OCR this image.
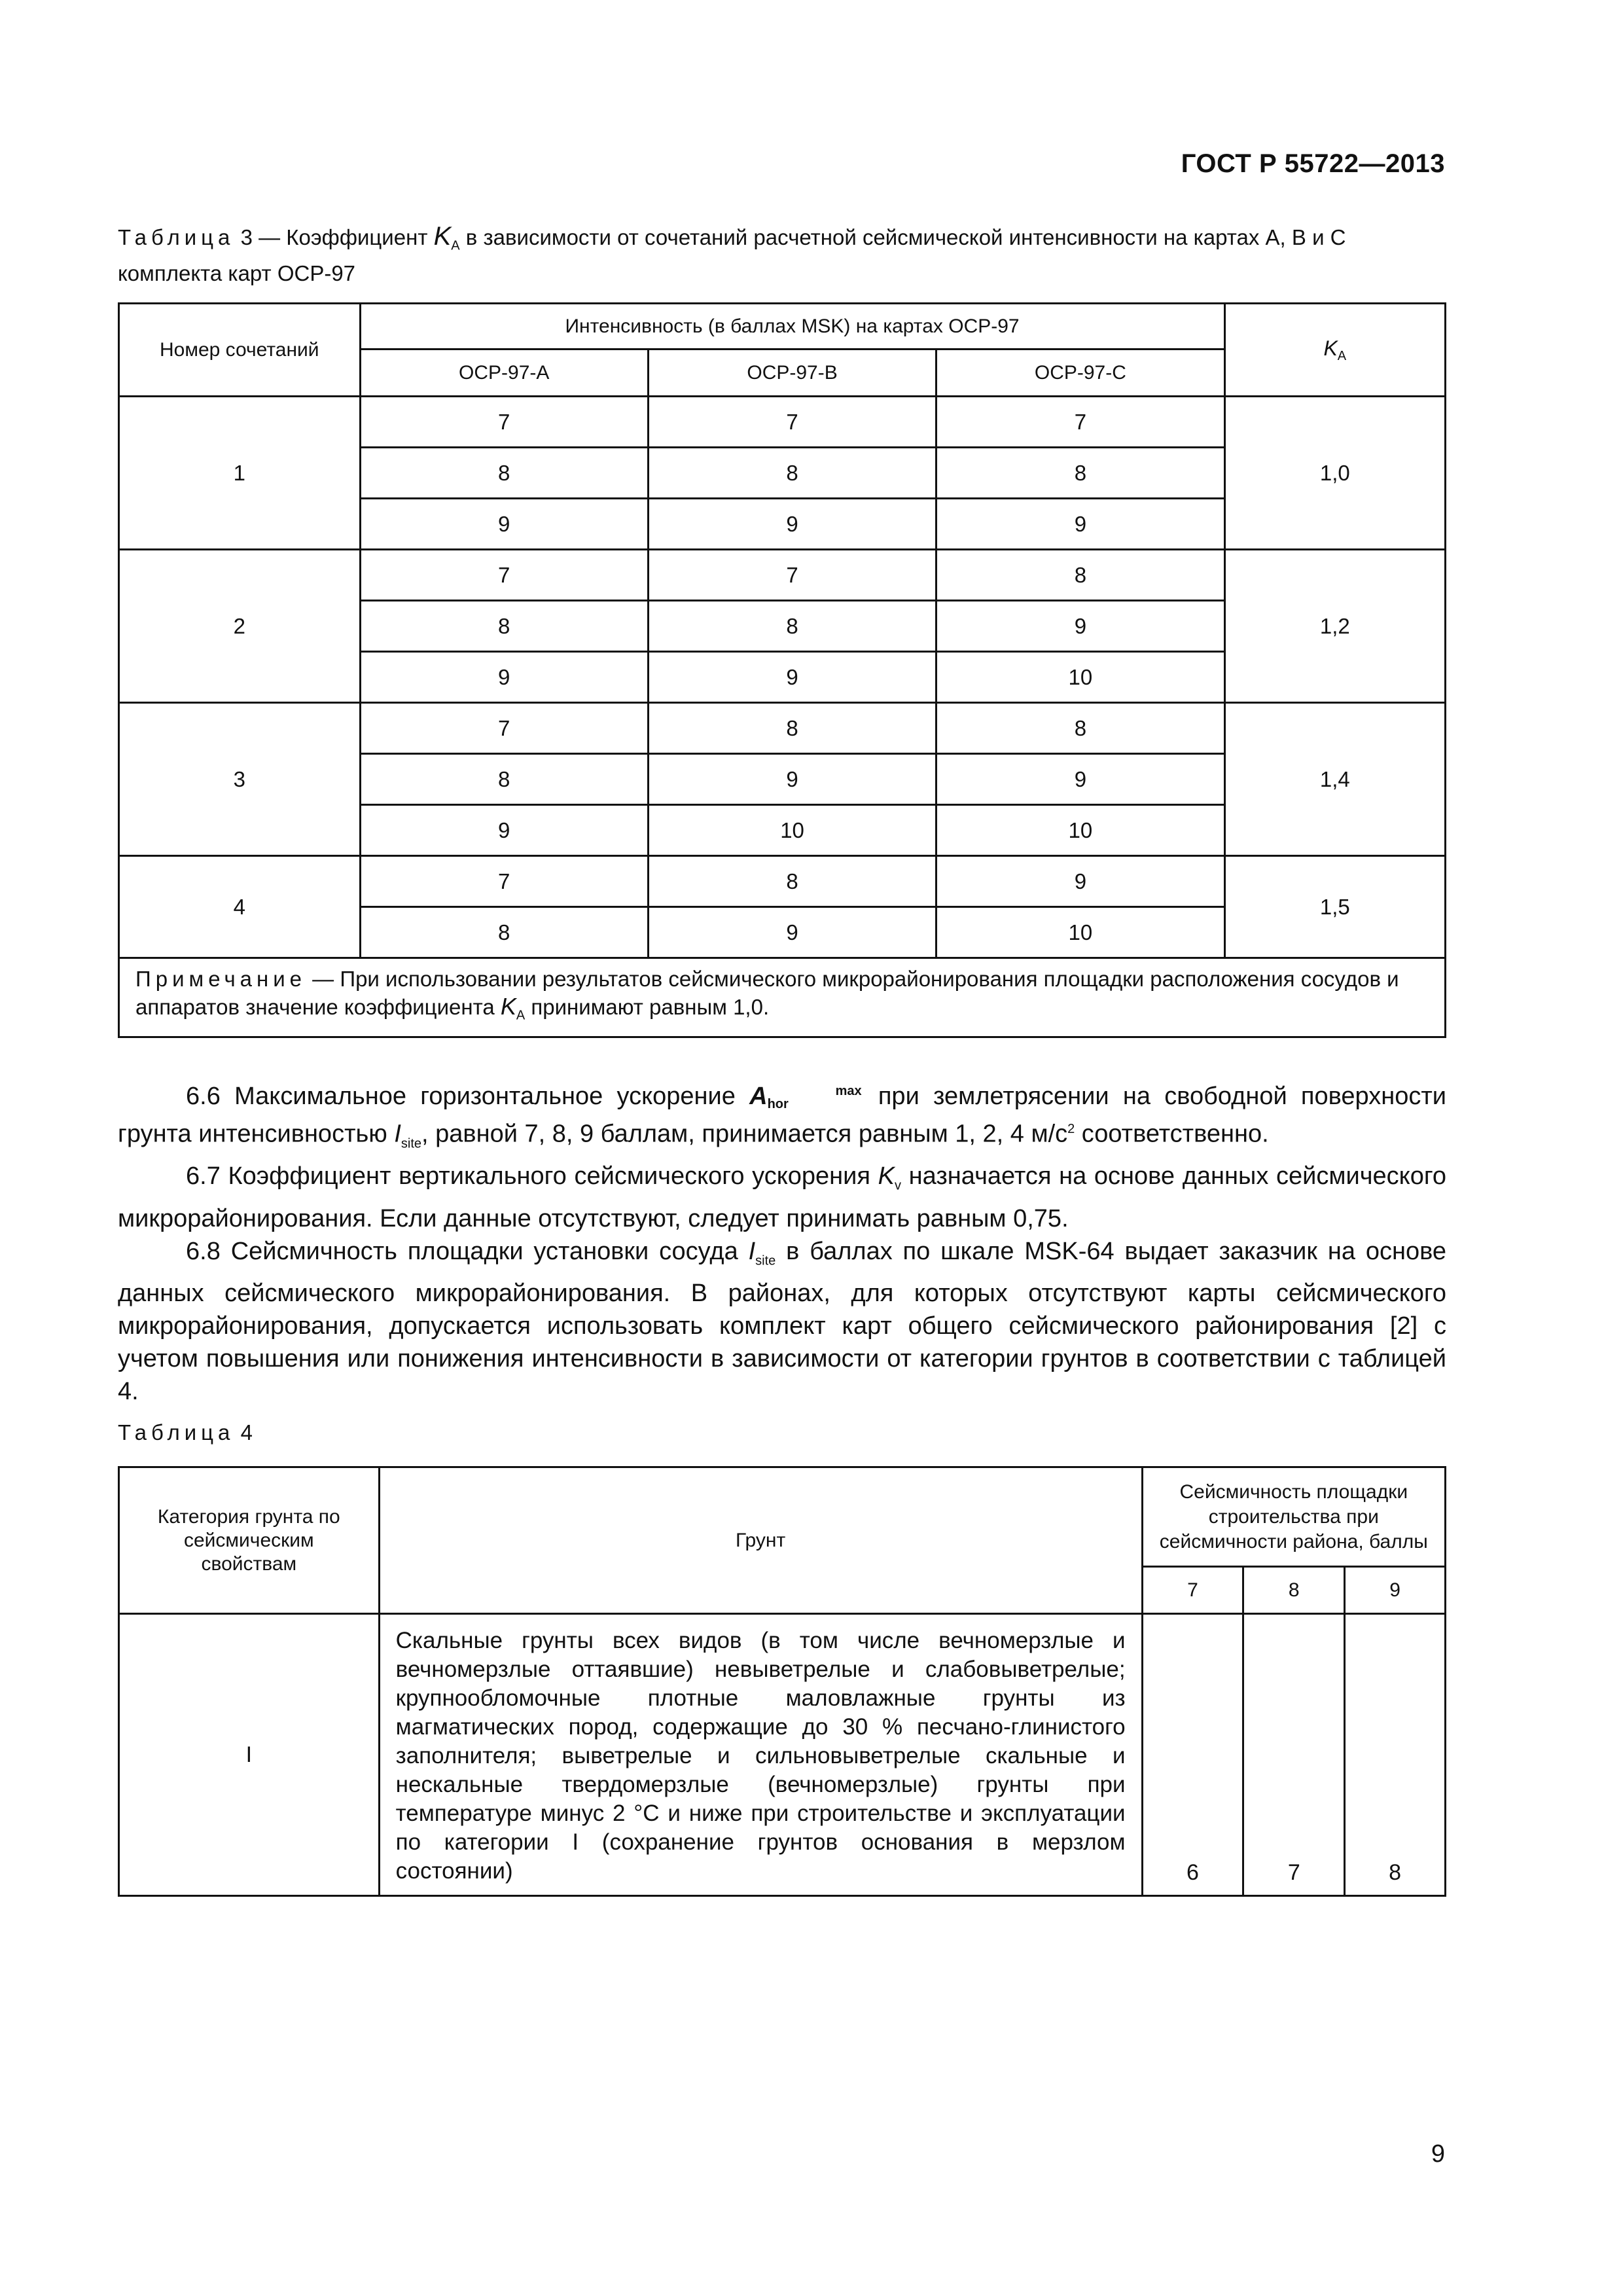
ГОСТ Р 55722—2013
Таблица 3 — Коэффициент $K_A$ в зависимости от сочетаний расчетной сейсмической интенсивности на картах А, В и С комплекта карт ОСР-97
Номер сочетаний	Интенсивность (в баллах MSK) на картах ОСР-97			$K_A$
	ОСР-97-А	ОСР-97-В	ОСР-97-С	
1	7	7	7	1,0
	8	8	8	
	9	9	9	
2	7	7	8	1,2
	8	8	9	
	9	9	10	
3	7	8	8	1,4
	8	9	9	
	9	10	10	
4	7	8	9	1,5
	8	9	10	
Примечание — При использовании результатов сейсмического микрорайонирования площадки расположения сосудов и аппаратов значение коэффициента $K_A$ принимают равным 1,0.				

6.6 Максимальное горизонтальное ускорение A	max
hor	при землетрясении на свободной поверхности грунта интенсивностью $I_{site}$, равной 7, 8, 9 баллам, принимается равным 1, 2, 4 $м/с^2$ соответственно.

6.7 Коэффициент вертикального сейсмического ускорения $K_v$ назначается на основе данных сейсмического микрорайонирования. Если данные отсутствуют, следует принимать равным 0,75.

6.8 Сейсмичность площадки установки сосуда $I_{site}$ в баллах по шкале MSK-64 выдает заказчик на основе данных сейсмического микрорайонирования. В районах, для которых отсутствуют карты сейсмического микрорайонирования, допускается использовать комплект карт общего сейсмического районирования [2] с учетом повышения или понижения интенсивности в зависимости от категории грунтов в соответствии с таблицей 4.

Таблица 4
Категория грунта по сейсмическим свойствам	Грунт	Сейсмичность площадки строительства при сейсмичности района, баллы		
		7	8	9
I	Скальные грунты всех видов (в том числе вечномерзлые и вечномерзлые оттаявшие) невыветрелые и слабовыветрелые; крупнообломочные плотные маловлажные грунты из магматических пород, содержащие до 30 % песчано-глинистого заполнителя; выветрелые и сильновыветрелые скальные и нескальные твердомерзлые (вечномерзлые) грунты при температуре минус 2 °С и ниже при строительстве и эксплуатации по категории I (сохранение грунтов основания в мерзлом состоянии)	6	7	8
9
